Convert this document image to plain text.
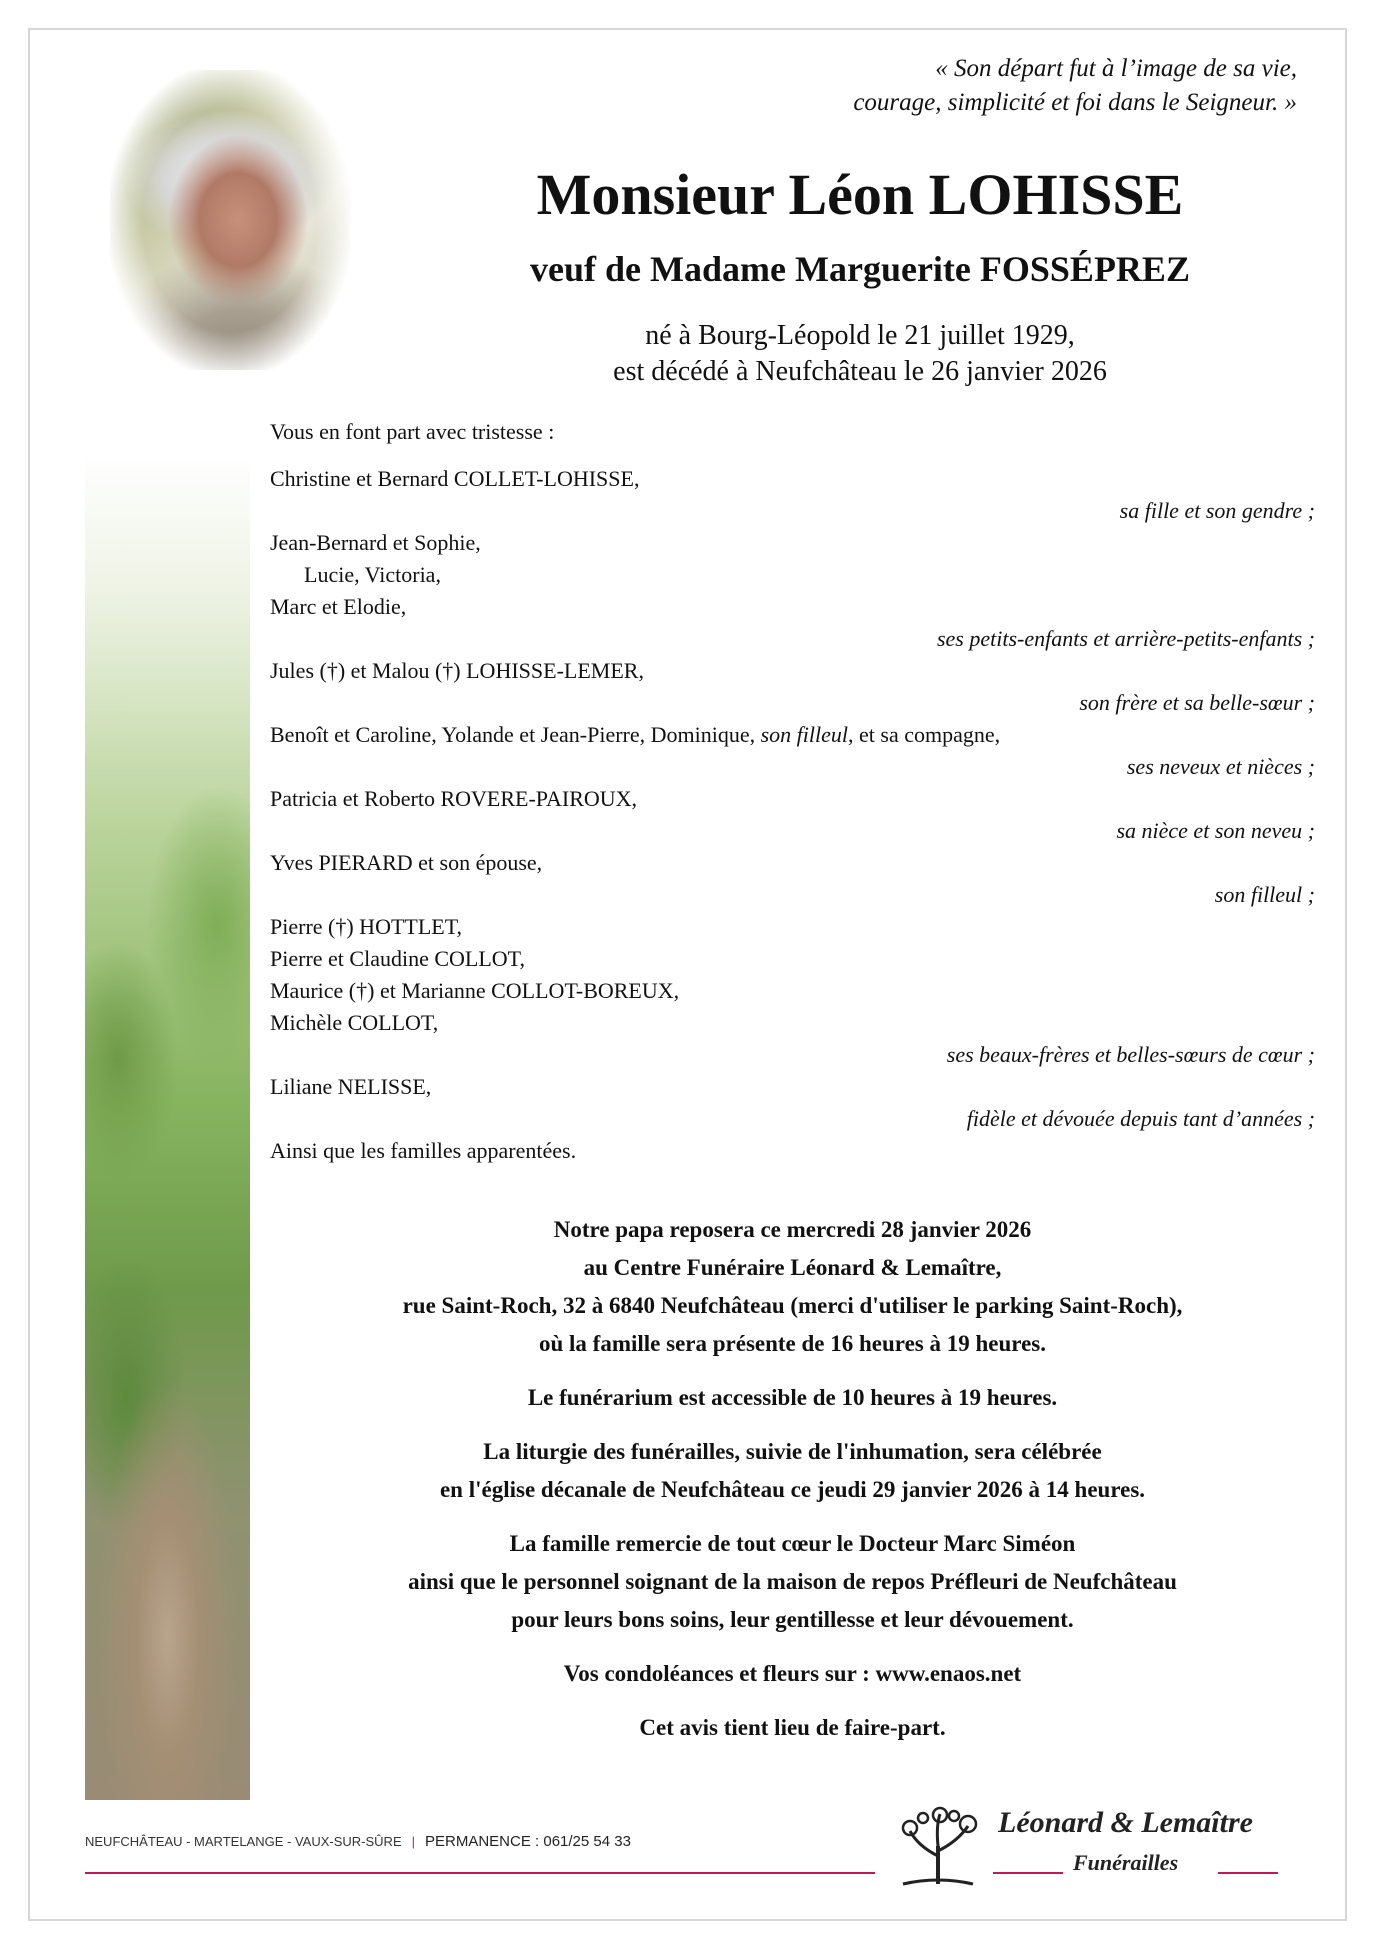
« Son départ fut à l’image de sa vie,
courage, simplicité et foi dans le Seigneur. »
Monsieur Léon LOHISSE
veuf de Madame Marguerite FOSSÉPREZ
né à Bourg-Léopold le 21 juillet 1929,
est décédé à Neufchâteau le 26 janvier 2026
Vous en font part avec tristesse :
Christine et Bernard COLLET-LOHISSE,
sa fille et son gendre ;
Jean-Bernard et Sophie,
Lucie, Victoria,
Marc et Elodie,
ses petits-enfants et arrière-petits-enfants ;
Jules (†) et Malou (†) LOHISSE-LEMER,
son frère et sa belle-sœur ;
Benoît et Caroline, Yolande et Jean-Pierre, Dominique, son filleul, et sa compagne,
ses neveux et nièces ;
Patricia et Roberto ROVERE-PAIROUX,
sa nièce et son neveu ;
Yves PIERARD et son épouse,
son filleul ;
Pierre (†) HOTTLET,
Pierre et Claudine COLLOT,
Maurice (†) et Marianne COLLOT-BOREUX,
Michèle COLLOT,
ses beaux-frères et belles-sœurs de cœur ;
Liliane NELISSE,
fidèle et dévouée depuis tant d’années ;
Ainsi que les familles apparentées.

Notre papa reposera ce mercredi 28 janvier 2026
au Centre Funéraire Léonard & Lemaître,
rue Saint-Roch, 32 à 6840 Neufchâteau (merci d'utiliser le parking Saint-Roch),
où la famille sera présente de 16 heures à 19 heures.

Le funérarium est accessible de 10 heures à 19 heures.

La liturgie des funérailles, suivie de l'inhumation, sera célébrée
en l'église décanale de Neufchâteau ce jeudi 29 janvier 2026 à 14 heures.

La famille remercie de tout cœur le Docteur Marc Siméon
ainsi que le personnel soignant de la maison de repos Préfleuri de Neufchâteau
pour leurs bons soins, leur gentillesse et leur dévouement.

Vos condoléances et fleurs sur : www.enaos.net

Cet avis tient lieu de faire-part.

NEUFCHÂTEAU - MARTELANGE - VAUX-SUR-SÛRE | PERMANENCE : 061/25 54 33
Léonard & Lemaître
Funérailles
